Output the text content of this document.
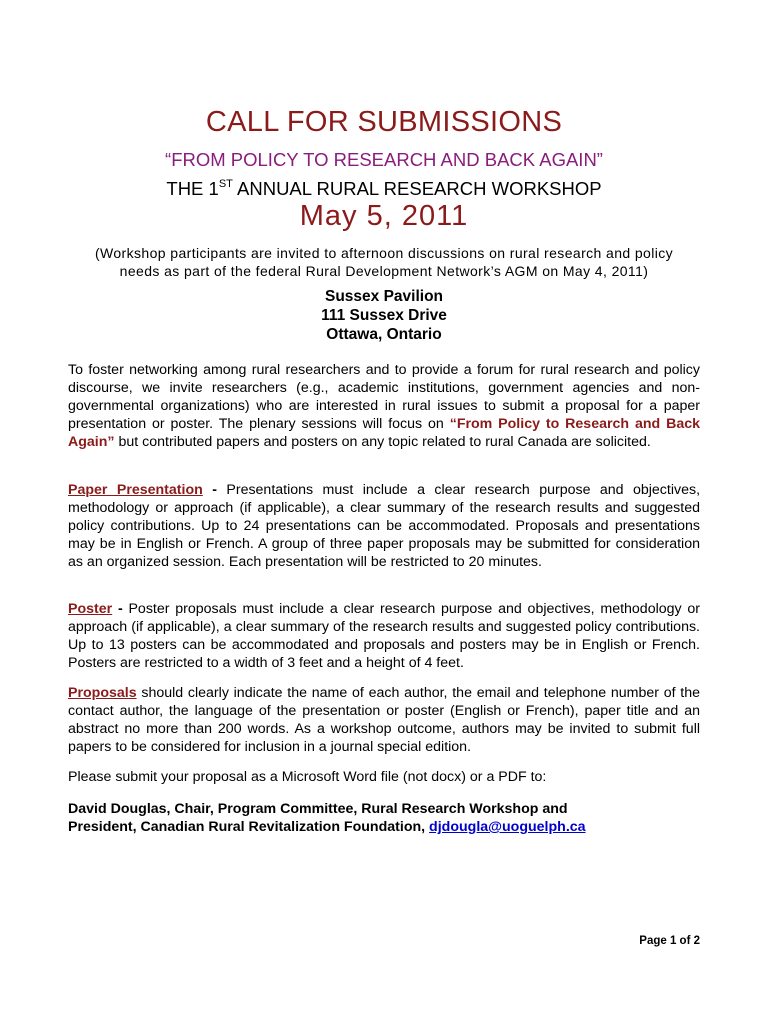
CALL FOR SUBMISSIONS
“FROM POLICY TO RESEARCH AND BACK AGAIN”
THE 1ST ANNUAL RURAL RESEARCH WORKSHOP
May 5, 2011
(Workshop participants are invited to afternoon discussions on rural research and policy
needs as part of the federal Rural Development Network’s AGM on May 4, 2011)
Sussex Pavilion
111 Sussex Drive
Ottawa, Ontario
To foster networking among rural researchers and to provide a forum for rural research and policy discourse, we invite researchers (e.g., academic institutions, government agencies and non-governmental organizations) who are interested in rural issues to submit a proposal for a paper presentation or poster. The plenary sessions will focus on “From Policy to Research and Back Again” but contributed papers and posters on any topic related to rural Canada are solicited.
Paper Presentation - Presentations must include a clear research purpose and objectives, methodology or approach (if applicable), a clear summary of the research results and suggested policy contributions. Up to 24 presentations can be accommodated. Proposals and presentations may be in English or French. A group of three paper proposals may be submitted for consideration as an organized session. Each presentation will be restricted to 20 minutes.
Poster - Poster proposals must include a clear research purpose and objectives, methodology or approach (if applicable), a clear summary of the research results and suggested policy contributions. Up to 13 posters can be accommodated and proposals and posters may be in English or French. Posters are restricted to a width of 3 feet and a height of 4 feet.
Proposals should clearly indicate the name of each author, the email and telephone number of the contact author, the language of the presentation or poster (English or French), paper title and an abstract no more than 200 words. As a workshop outcome, authors may be invited to submit full papers to be considered for inclusion in a journal special edition.
Please submit your proposal as a Microsoft Word file (not docx) or a PDF to:
David Douglas, Chair, Program Committee, Rural Research Workshop and
President, Canadian Rural Revitalization Foundation, djdougla@uoguelph.ca
Page 1 of 2
